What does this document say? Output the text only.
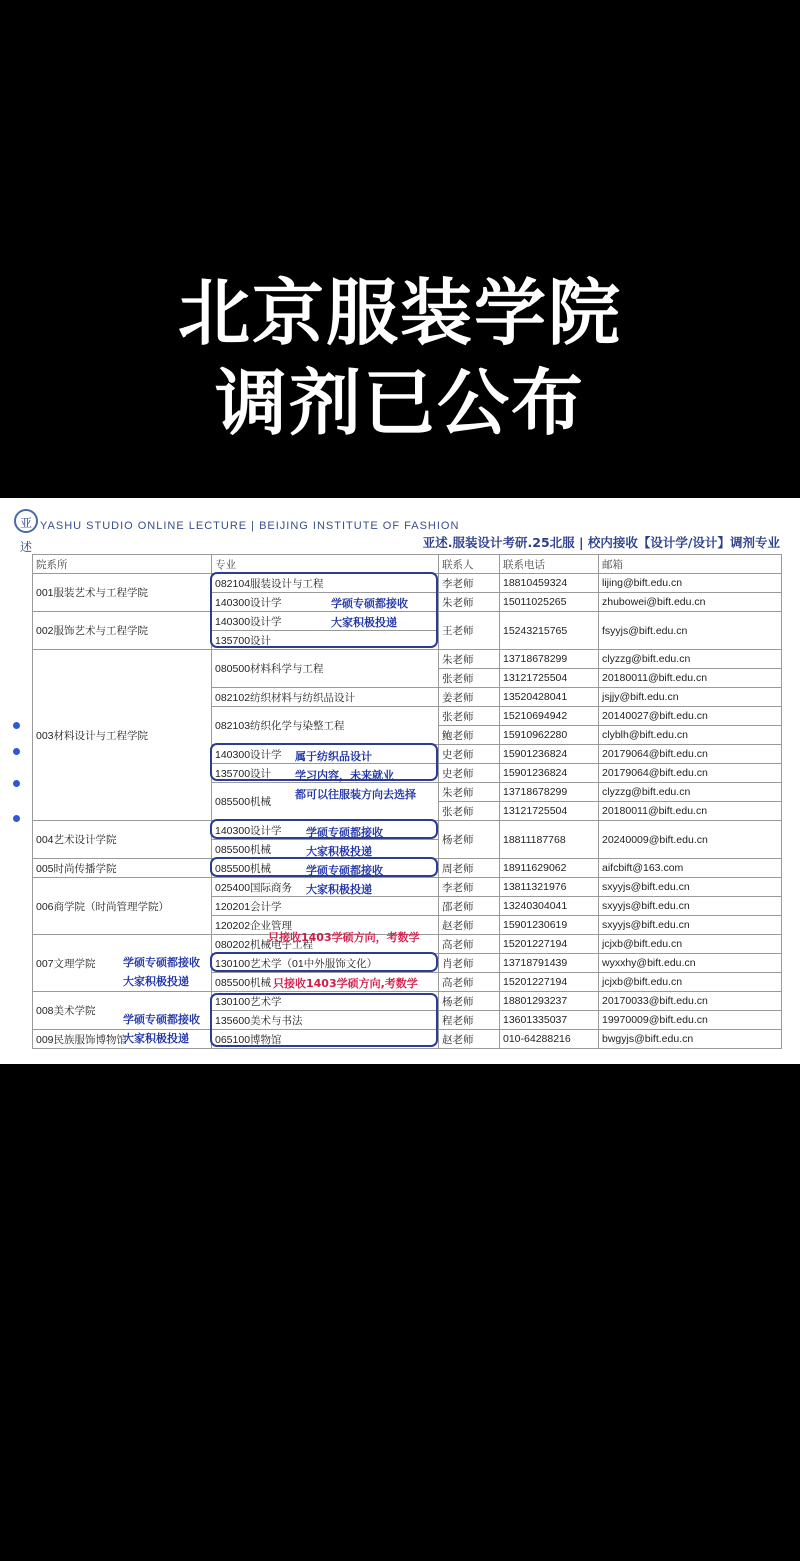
北京服装学院
调剂已公布
亚述
YASHU STUDIO ONLINE LECTURE | BEIJING INSTITUTE OF FASHION
亚述.服装设计考研.25北服 | 校内接收【设计学/设计】调剂专业
院系所	专业	联系人	联系电话	邮箱
001服装艺术与工程学院	082104服装设计与工程	李老师	18810459324	lijing@bift.edu.cn
	140300设计学	朱老师	15011025265	zhubowei@bift.edu.cn
002服饰艺术与工程学院	140300设计学	王老师	15243215765	fsyyjs@bift.edu.cn
	135700设计			
003材料设计与工程学院	080500材料科学与工程	朱老师	13718678299	clyzzg@bift.edu.cn
		张老师	13121725504	20180011@bift.edu.cn
	082102纺织材料与纺织品设计	姜老师	13520428041	jsjjy@bift.edu.cn
	082103纺织化学与染整工程	张老师	15210694942	20140027@bift.edu.cn
		鲍老师	15910962280	clyblh@bift.edu.cn
	140300设计学	史老师	15901236824	20179064@bift.edu.cn
	135700设计	史老师	15901236824	20179064@bift.edu.cn
	085500机械	朱老师	13718678299	clyzzg@bift.edu.cn
		张老师	13121725504	20180011@bift.edu.cn
004艺术设计学院	140300设计学	杨老师	18811187768	20240009@bift.edu.cn
	085500机械			
005时尚传播学院	085500机械	周老师	18911629062	aifcbift@163.com
006商学院（时尚管理学院）	025400国际商务	李老师	13811321976	sxyyjs@bift.edu.cn
	120201会计学	邵老师	13240304041	sxyyjs@bift.edu.cn
	120202企业管理	赵老师	15901230619	sxyyjs@bift.edu.cn
007文理学院	080202机械电子工程	高老师	15201227194	jcjxb@bift.edu.cn
	130100艺术学（01中外服饰文化）	肖老师	13718791439	wyxxhy@bift.edu.cn
	085500机械	高老师	15201227194	jcjxb@bift.edu.cn
008美术学院	130100艺术学	杨老师	18801293237	20170033@bift.edu.cn
	135600美术与书法	程老师	13601335037	19970009@bift.edu.cn
009民族服饰博物馆	065100博物馆	赵老师	010-64288216	bwgyjs@bift.edu.cn
学硕专硕都接收
大家积极投递
属于纺织品设计
学习内容，未来就业
都可以往服装方向去选择
学硕专硕都接收
大家积极投递
学硕专硕都接收
大家积极投递
只接收1403学硕方向，考数学
学硕专硕都接收
大家积极投递	只接收1403学硕方向,考数学
学硕专硕都接收
大家积极投递
